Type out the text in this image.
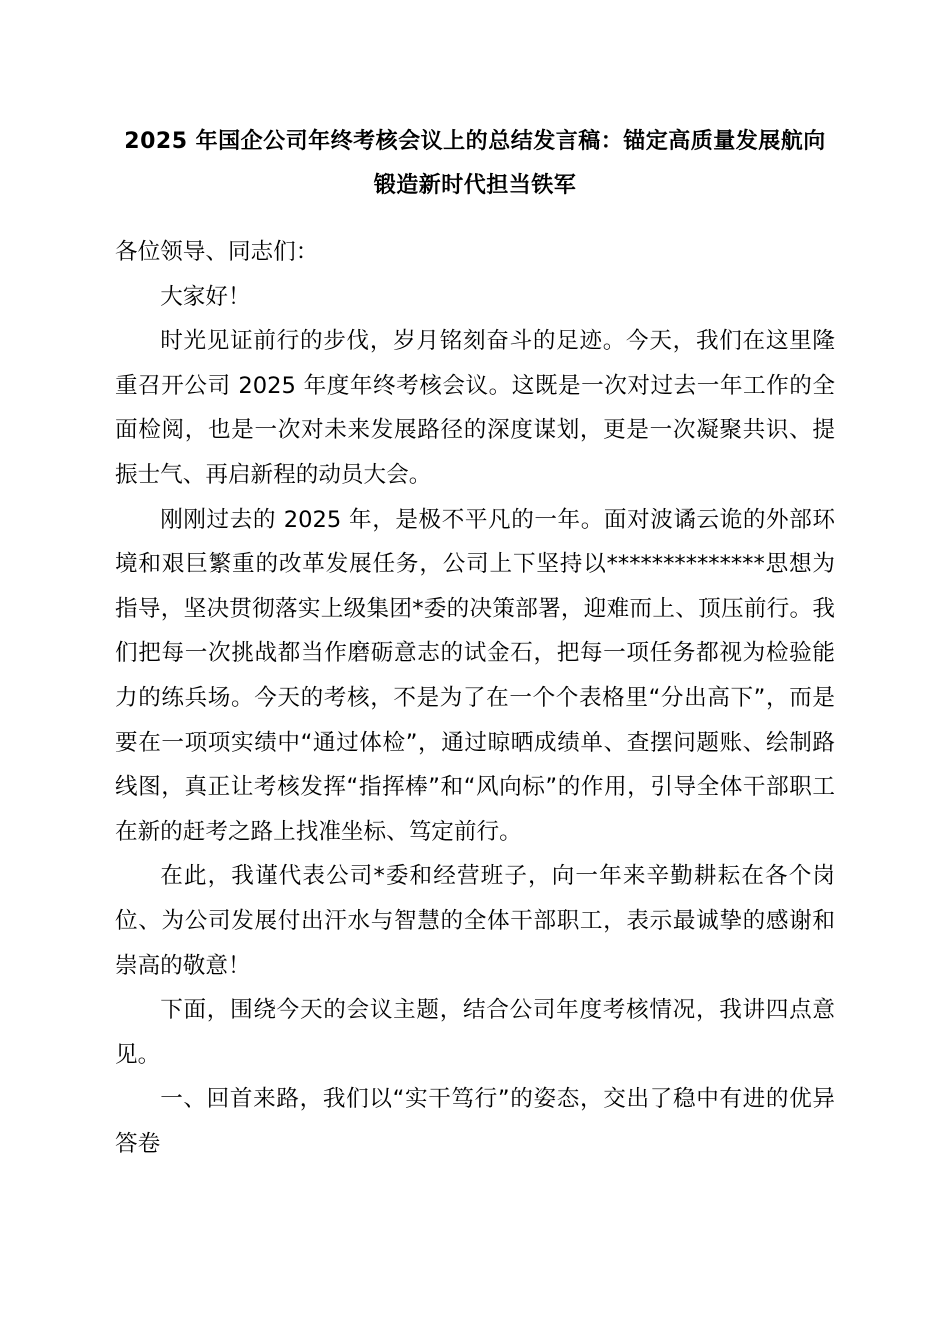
2025 年国企公司年终考核会议上的总结发言稿：锚定高质量发展航向 锻造新时代担当铁军

各位领导、同志们：

大家好！

时光见证前行的步伐，岁月铭刻奋斗的足迹。今天，我们在这里隆重召开公司 2025 年度年终考核会议。这既是一次对过去一年工作的全面检阅，也是一次对未来发展路径的深度谋划，更是一次凝聚共识、提振士气、再启新程的动员大会。

刚刚过去的 2025 年，是极不平凡的一年。面对波谲云诡的外部环境和艰巨繁重的改革发展任务，公司上下坚持以**************思想为指导，坚决贯彻落实上级集团*委的决策部署，迎难而上、顶压前行。我们把每一次挑战都当作磨砺意志的试金石，把每一项任务都视为检验能力的练兵场。今天的考核，不是为了在一个个表格里“分出高下”，而是要在一项项实绩中“通过体检”，通过晾晒成绩单、查摆问题账、绘制路线图，真正让考核发挥“指挥棒”和“风向标”的作用，引导全体干部职工在新的赶考之路上找准坐标、笃定前行。

在此，我谨代表公司*委和经营班子，向一年来辛勤耕耘在各个岗位、为公司发展付出汗水与智慧的全体干部职工，表示最诚挚的感谢和崇高的敬意！

下面，围绕今天的会议主题，结合公司年度考核情况，我讲四点意见。

一、回首来路，我们以“实干笃行”的姿态，交出了稳中有进的优异答卷
